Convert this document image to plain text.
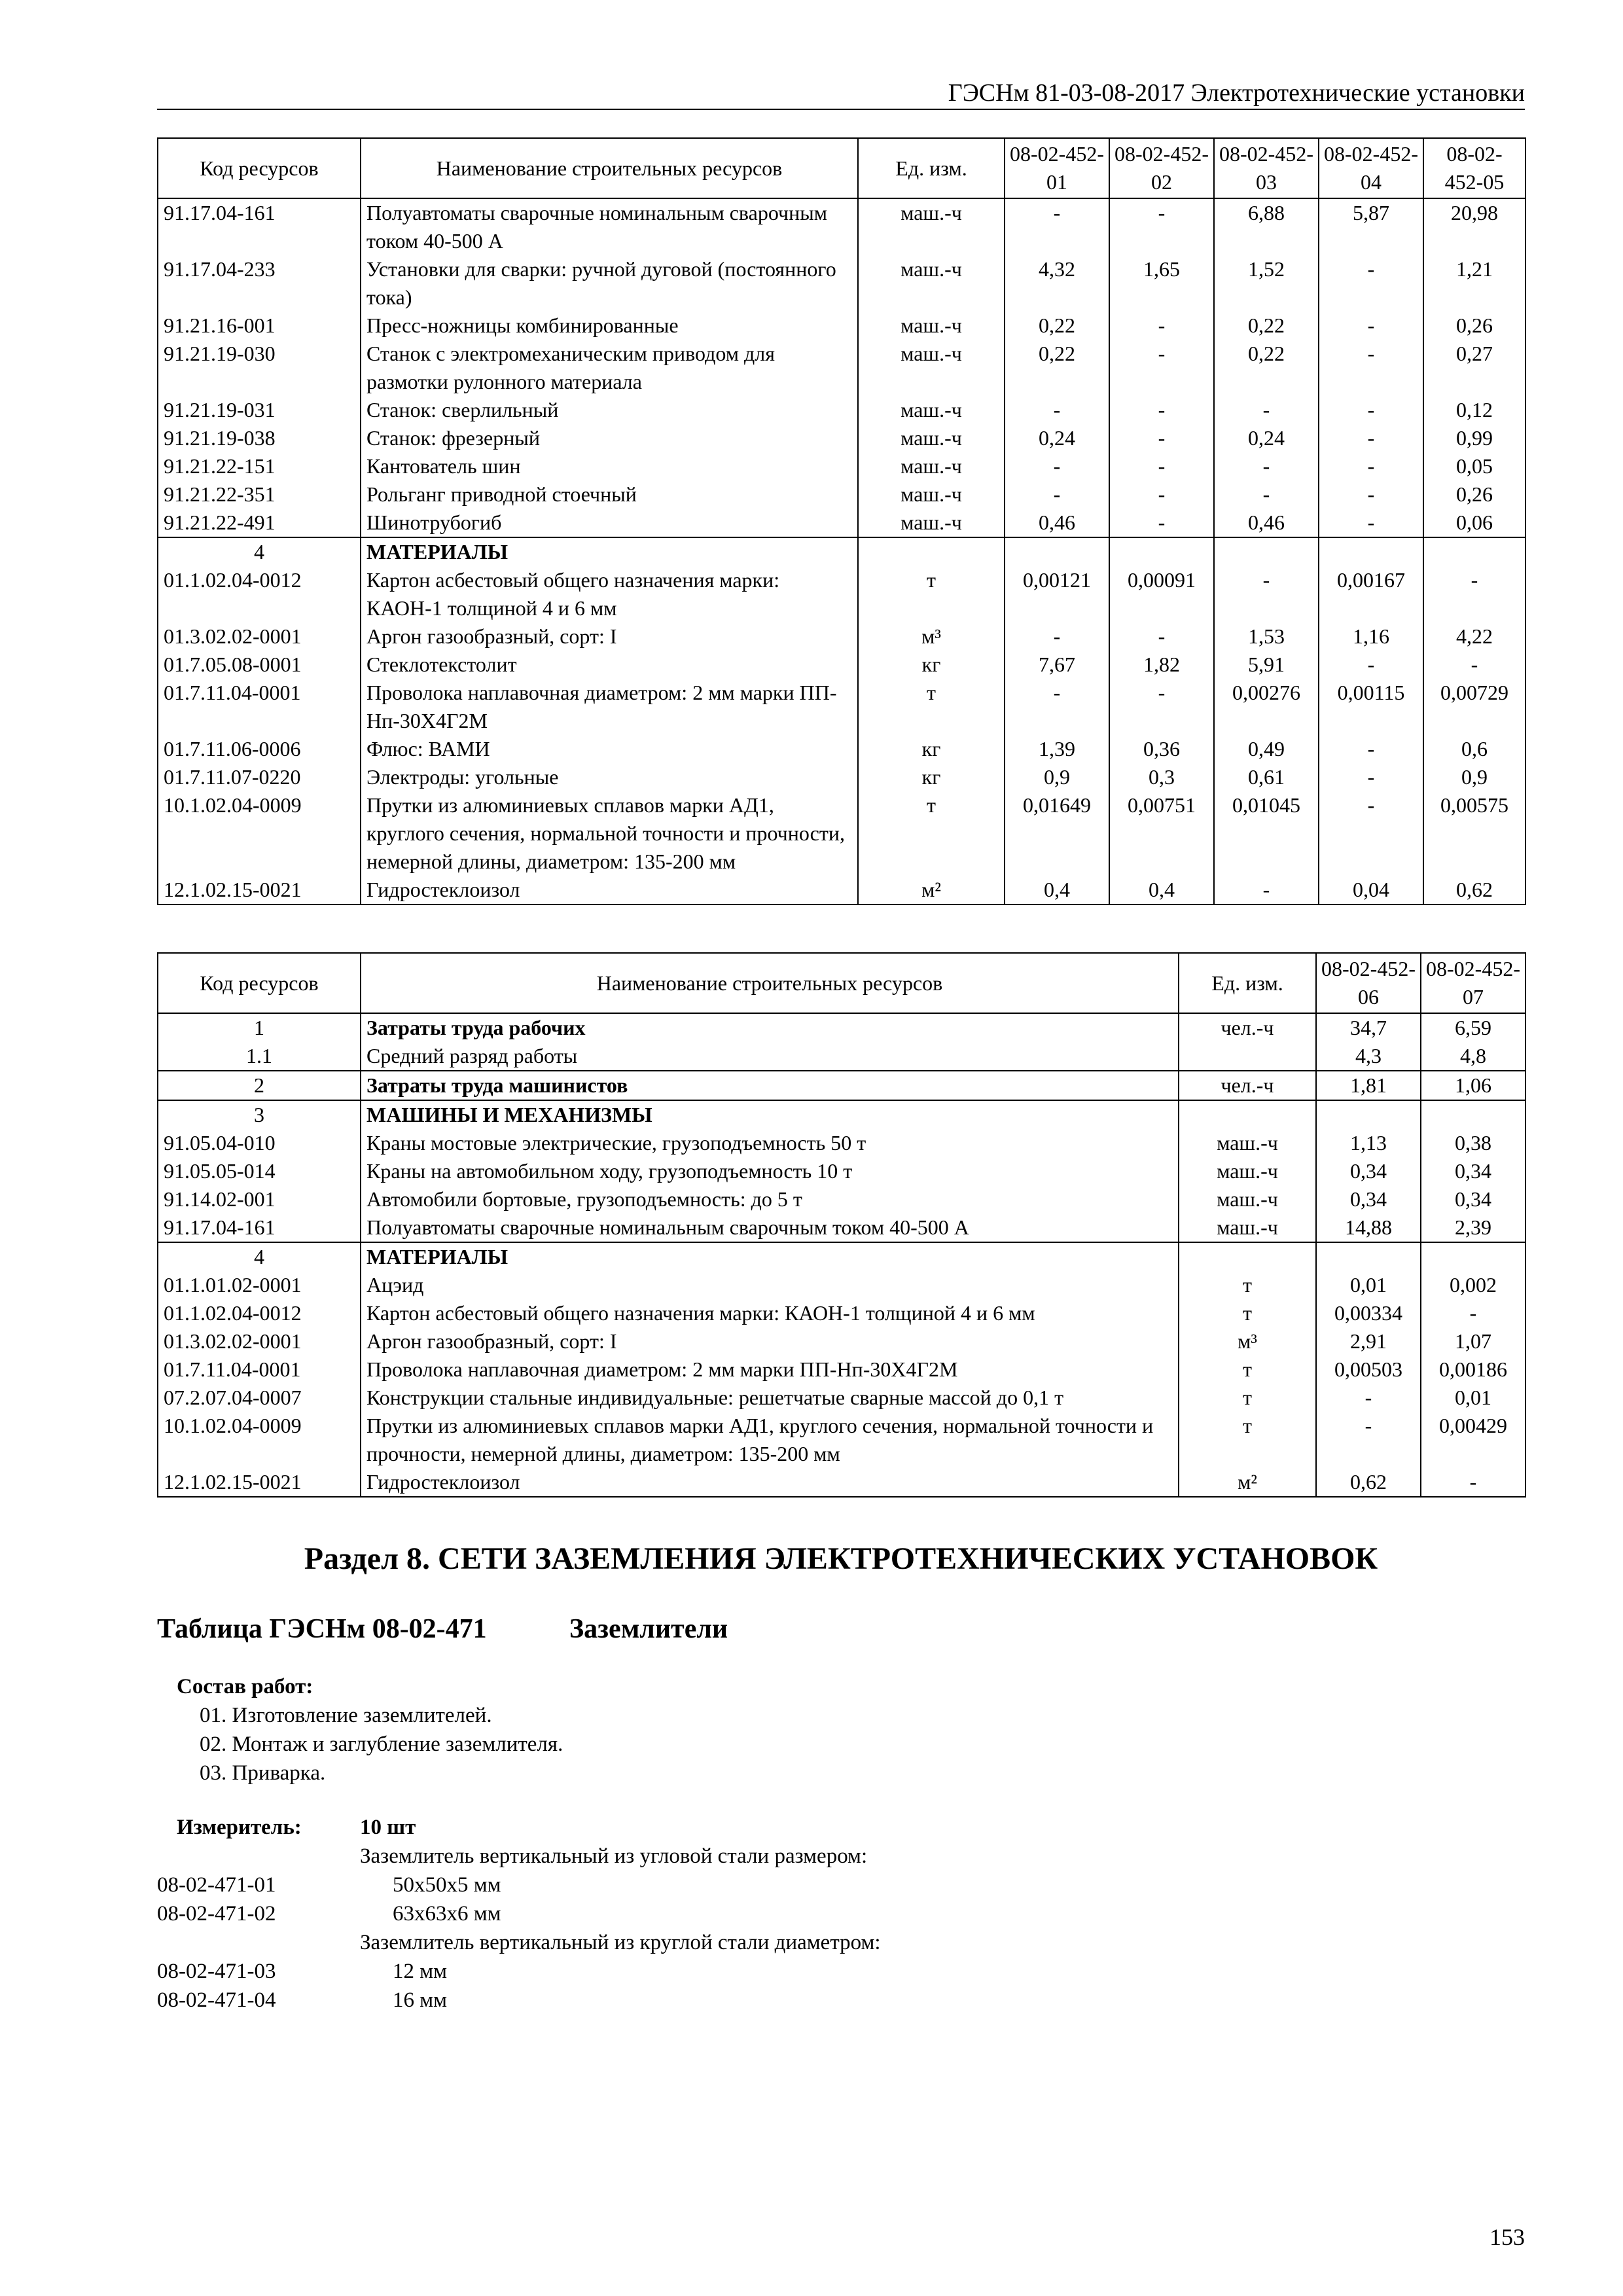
ГЭСНм 81-03-08-2017 Электротехнические установки
Код ресурсов	Наименование строительных ресурсов	Ед. изм.	08-02-452-01	08-02-452-02	08-02-452-03	08-02-452-04	08-02-452-05
91.17.04-161	Полуавтоматы сварочные номинальным сварочным током 40-500 А	маш.-ч	-	-	6,88	5,87	20,98
91.17.04-233	Установки для сварки: ручной дуговой (постоянного тока)	маш.-ч	4,32	1,65	1,52	-	1,21
91.21.16-001	Пресс-ножницы комбинированные	маш.-ч	0,22	-	0,22	-	0,26
91.21.19-030	Станок с электромеханическим приводом для размотки рулонного материала	маш.-ч	0,22	-	0,22	-	0,27
91.21.19-031	Станок: сверлильный	маш.-ч	-	-	-	-	0,12
91.21.19-038	Станок: фрезерный	маш.-ч	0,24	-	0,24	-	0,99
91.21.22-151	Кантователь шин	маш.-ч	-	-	-	-	0,05
91.21.22-351	Рольганг приводной стоечный	маш.-ч	-	-	-	-	0,26
91.21.22-491	Шинотрубогиб	маш.-ч	0,46	-	0,46	-	0,06
4	МАТЕРИАЛЫ						
01.1.02.04-0012	Картон асбестовый общего назначения марки: КАОН-1 толщиной 4 и 6 мм	т	0,00121	0,00091	-	0,00167	-
01.3.02.02-0001	Аргон газообразный, сорт: I	м³	-	-	1,53	1,16	4,22
01.7.05.08-0001	Стеклотекстолит	кг	7,67	1,82	5,91	-	-
01.7.11.04-0001	Проволока наплавочная диаметром: 2 мм марки ПП-Нп-30Х4Г2М	т	-	-	0,00276	0,00115	0,00729
01.7.11.06-0006	Флюс: ВАМИ	кг	1,39	0,36	0,49	-	0,6
01.7.11.07-0220	Электроды: угольные	кг	0,9	0,3	0,61	-	0,9
10.1.02.04-0009	Прутки из алюминиевых сплавов марки АД1, круглого сечения, нормальной точности и прочности, немерной длины, диаметром: 135-200 мм	т	0,01649	0,00751	0,01045	-	0,00575
12.1.02.15-0021	Гидростеклоизол	м²	0,4	0,4	-	0,04	0,62
Код ресурсов	Наименование строительных ресурсов	Ед. изм.	08-02-452-06	08-02-452-07
1	Затраты труда рабочих	чел.-ч	34,7	6,59
1.1	Средний разряд работы		4,3	4,8
2	Затраты труда машинистов	чел.-ч	1,81	1,06
3	МАШИНЫ И МЕХАНИЗМЫ			
91.05.04-010	Краны мостовые электрические, грузоподъемность 50 т	маш.-ч	1,13	0,38
91.05.05-014	Краны на автомобильном ходу, грузоподъемность 10 т	маш.-ч	0,34	0,34
91.14.02-001	Автомобили бортовые, грузоподъемность: до 5 т	маш.-ч	0,34	0,34
91.17.04-161	Полуавтоматы сварочные номинальным сварочным током 40-500 А	маш.-ч	14,88	2,39
4	МАТЕРИАЛЫ			
01.1.01.02-0001	Ацэид	т	0,01	0,002
01.1.02.04-0012	Картон асбестовый общего назначения марки: КАОН-1 толщиной 4 и 6 мм	т	0,00334	-
01.3.02.02-0001	Аргон газообразный, сорт: I	м³	2,91	1,07
01.7.11.04-0001	Проволока наплавочная диаметром: 2 мм марки ПП-Нп-30Х4Г2М	т	0,00503	0,00186
07.2.07.04-0007	Конструкции стальные индивидуальные: решетчатые сварные массой до 0,1 т	т	-	0,01
10.1.02.04-0009	Прутки из алюминиевых сплавов марки АД1, круглого сечения, нормальной точности и прочности, немерной длины, диаметром: 135-200 мм	т	-	0,00429
12.1.02.15-0021	Гидростеклоизол	м²	0,62	-
Раздел 8. СЕТИ ЗАЗЕМЛЕНИЯ ЭЛЕКТРОТЕХНИЧЕСКИХ УСТАНОВОК
Таблица ГЭСНм 08-02-471	Заземлители
Состав работ:
01. Изготовление заземлителей.
02. Монтаж и заглубление заземлителя.
03. Приварка.
Измеритель:	10 шт
Заземлитель вертикальный из угловой стали размером:
08-02-471-01	50х50х5 мм
08-02-471-02	63х63х6 мм
Заземлитель вертикальный из круглой стали диаметром:
08-02-471-03	12 мм
08-02-471-04	16 мм
153
